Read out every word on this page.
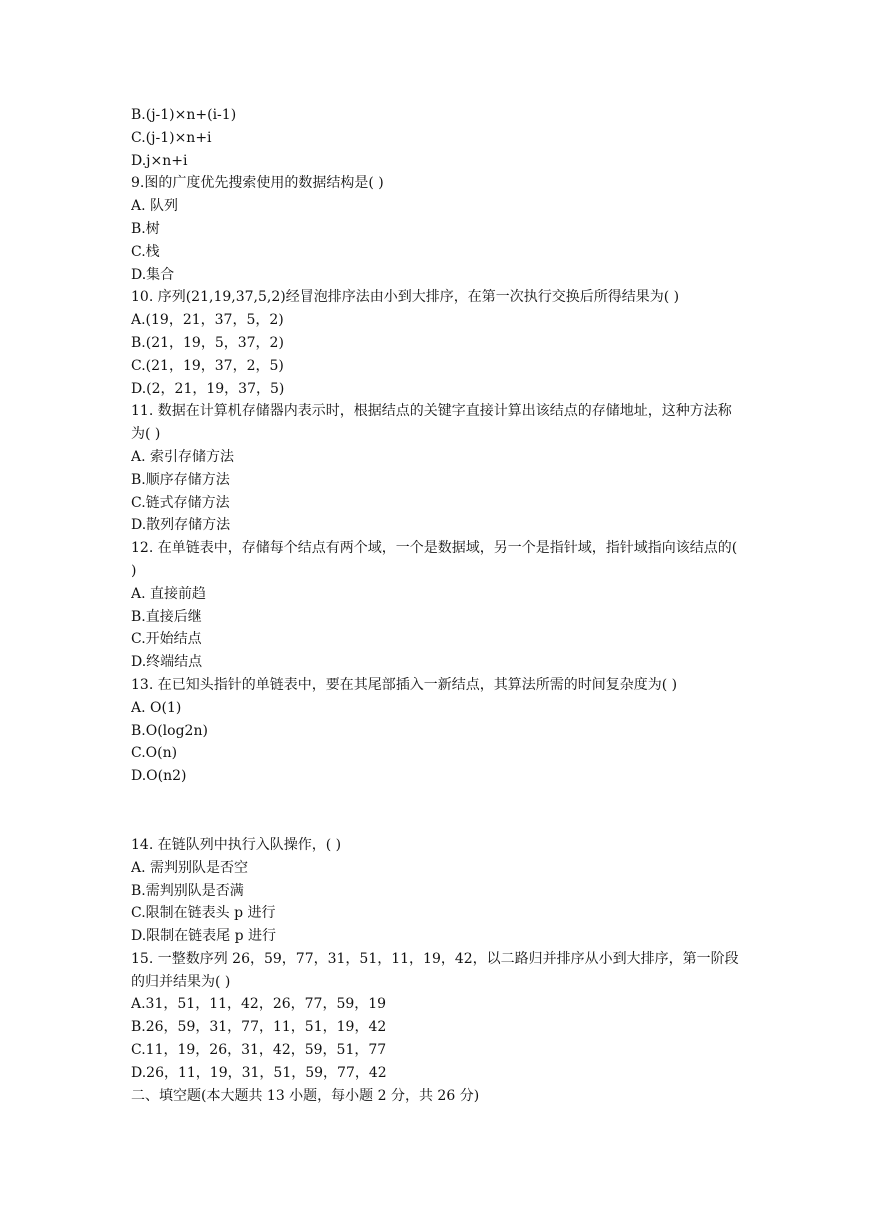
B.(j-1)×n+(i-1)
C.(j-1)×n+i
D.j×n+i
9.图的广度优先搜索使用的数据结构是( )
A. 队列
B.树
C.栈
D.集合
10. 序列(21,19,37,5,2)经冒泡排序法由小到大排序，在第一次执行交换后所得结果为( )
A.(19，21，37，5，2)
B.(21，19，5，37，2)
C.(21，19，37，2，5)
D.(2，21，19，37，5)
11. 数据在计算机存储器内表示时，根据结点的关键字直接计算出该结点的存储地址，这种方法称为( )
A. 索引存储方法
B.顺序存储方法
C.链式存储方法
D.散列存储方法
12. 在单链表中，存储每个结点有两个域，一个是数据域，另一个是指针域，指针域指向该结点的( )
A. 直接前趋
B.直接后继
C.开始结点
D.终端结点
13. 在已知头指针的单链表中，要在其尾部插入一新结点，其算法所需的时间复杂度为( )
A. O(1)
B.O(log2n)
C.O(n)
D.O(n2)
14. 在链队列中执行入队操作，( )
A. 需判别队是否空
B.需判别队是否满
C.限制在链表头 p 进行
D.限制在链表尾 p 进行
15. 一整数序列 26，59，77，31，51，11，19，42，以二路归并排序从小到大排序，第一阶段的归并结果为( )
A.31，51，11，42，26，77，59，19
B.26，59，31，77，11，51，19，42
C.11，19，26，31，42，59，51，77
D.26，11，19，31，51，59，77，42
二、填空题(本大题共 13 小题，每小题 2 分，共 26 分)
